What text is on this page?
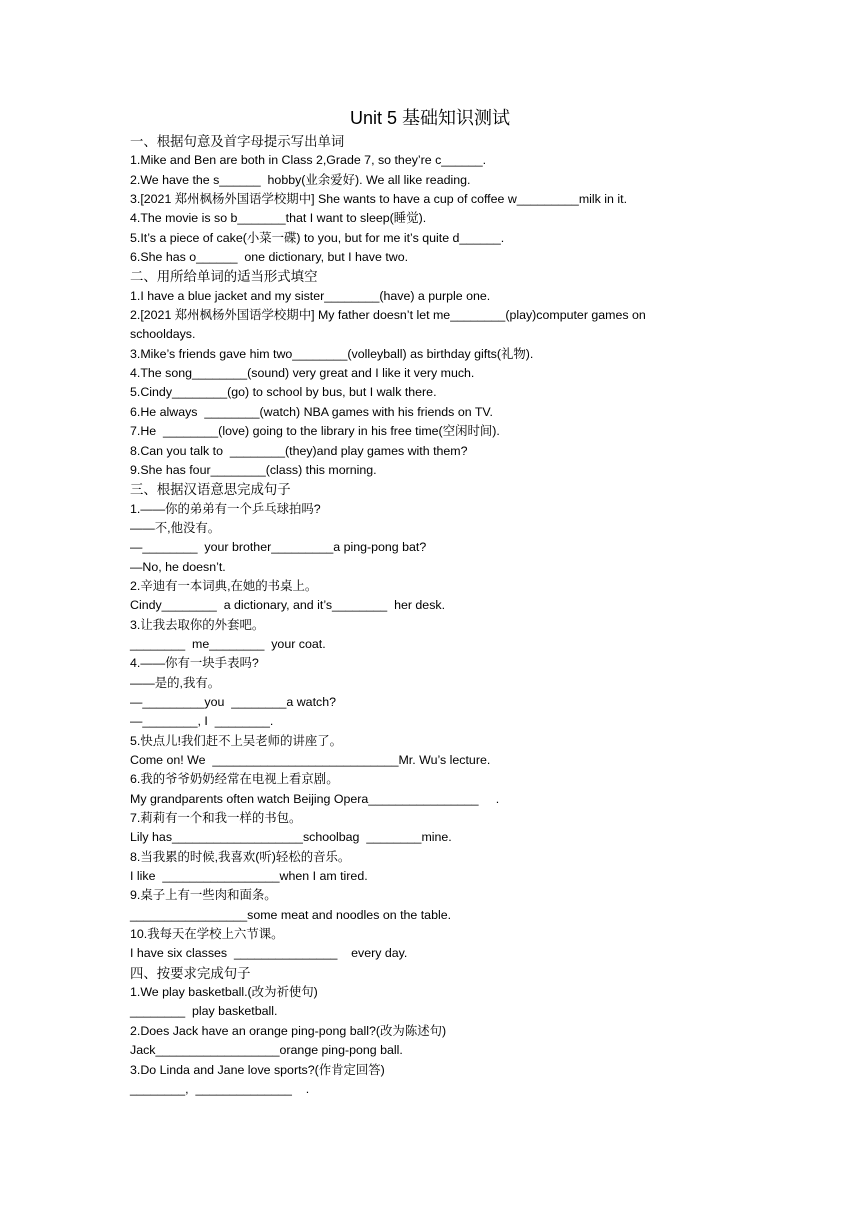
Unit 5 基础知识测试
一、根据句意及首字母提示写出单词
1.Mike and Ben are both in Class 2,Grade 7, so they’re c______.
2.We have the s______  hobby(业余爱好). We all like reading.
3.[2021 郑州枫杨外国语学校期中] She wants to have a cup of coffee w_________milk in it.
4.The movie is so b_______that I want to sleep(睡觉).
5.It’s a piece of cake(小菜一碟) to you, but for me it’s quite d______.
6.She has o______  one dictionary, but I have two.
二、用所给单词的适当形式填空
1.I have a blue jacket and my sister________(have) a purple one.
2.[2021 郑州枫杨外国语学校期中] My father doesn’t let me________(play)computer games on
schooldays.
3.Mike’s friends gave him two________(volleyball) as birthday gifts(礼物).
4.The song________(sound) very great and I like it very much.
5.Cindy________(go) to school by bus, but I walk there.
6.He always  ________(watch) NBA games with his friends on TV.
7.He  ________(love) going to the library in his free time(空闲时间).
8.Can you talk to  ________(they)and play games with them?
9.She has four________(class) this morning.
三、根据汉语意思完成句子
1.——你的弟弟有一个乒乓球拍吗?
——不,他没有。
—________  your brother_________a ping-pong bat?
—No, he doesn’t.
2.辛迪有一本词典,在她的书桌上。
Cindy________  a dictionary, and it’s________  her desk.
3.让我去取你的外套吧。
________  me________  your coat.
4.——你有一块手表吗?
——是的,我有。
—_________you  ________a watch?
—________, I  ________.
5.快点儿!我们赶不上吴老师的讲座了。
Come on! We  ___________________________Mr. Wu’s lecture.
6.我的爷爷奶奶经常在电视上看京剧。
My grandparents often watch Beijing Opera________________     .
7.莉莉有一个和我一样的书包。
Lily has___________________schoolbag  ________mine.
8.当我累的时候,我喜欢(听)轻松的音乐。
I like  _________________when I am tired.
9.桌子上有一些肉和面条。
_________________some meat and noodles on the table.
10.我每天在学校上六节课。
I have six classes  _______________    every day.
四、按要求完成句子
1.We play basketball.(改为祈使句)
________  play basketball.
2.Does Jack have an orange ping-pong ball?(改为陈述句)
Jack__________________orange ping-pong ball.
3.Do Linda and Jane love sports?(作肯定回答)
________,  ______________    .
